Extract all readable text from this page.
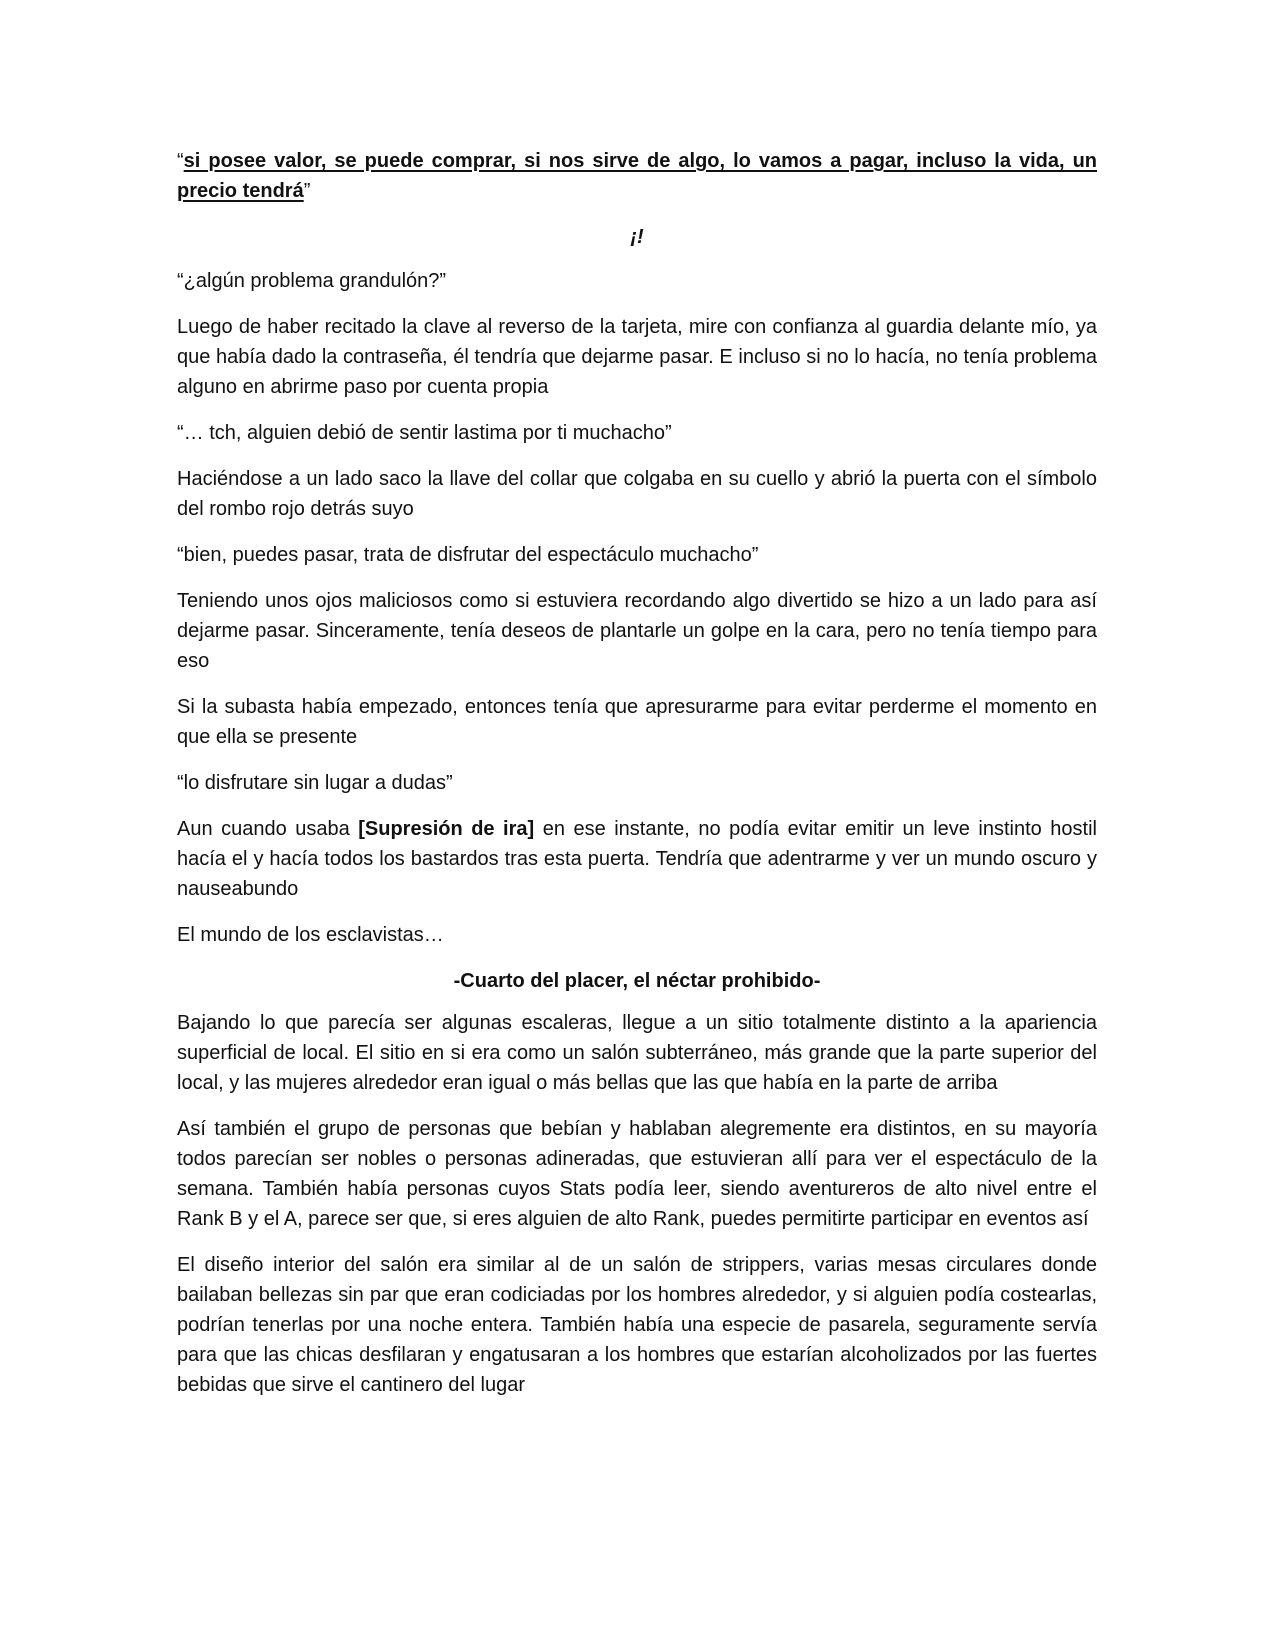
“si posee valor, se puede comprar, si nos sirve de algo, lo vamos a pagar, incluso la vida, un precio tendrá”

¡!

“¿algún problema grandulón?”

Luego de haber recitado la clave al reverso de la tarjeta, mire con confianza al guardia delante mío, ya que había dado la contraseña, él tendría que dejarme pasar. E incluso si no lo hacía, no tenía problema alguno en abrirme paso por cuenta propia

“… tch, alguien debió de sentir lastima por ti muchacho”

Haciéndose a un lado saco la llave del collar que colgaba en su cuello y abrió la puerta con el símbolo del rombo rojo detrás suyo

“bien, puedes pasar, trata de disfrutar del espectáculo muchacho”

Teniendo unos ojos maliciosos como si estuviera recordando algo divertido se hizo a un lado para así dejarme pasar. Sinceramente, tenía deseos de plantarle un golpe en la cara, pero no tenía tiempo para eso

Si la subasta había empezado, entonces tenía que apresurarme para evitar perderme el momento en que ella se presente

“lo disfrutare sin lugar a dudas”

Aun cuando usaba [Supresión de ira] en ese instante, no podía evitar emitir un leve instinto hostil hacía el y hacía todos los bastardos tras esta puerta. Tendría que adentrarme y ver un mundo oscuro y nauseabundo

El mundo de los esclavistas…

-Cuarto del placer, el néctar prohibido-

Bajando lo que parecía ser algunas escaleras, llegue a un sitio totalmente distinto a la apariencia superficial de local. El sitio en si era como un salón subterráneo, más grande que la parte superior del local, y las mujeres alrededor eran igual o más bellas que las que había en la parte de arriba

Así también el grupo de personas que bebían y hablaban alegremente era distintos, en su mayoría todos parecían ser nobles o personas adineradas, que estuvieran allí para ver el espectáculo de la semana. También había personas cuyos Stats podía leer, siendo aventureros de alto nivel entre el Rank B y el A, parece ser que, si eres alguien de alto Rank, puedes permitirte participar en eventos así

El diseño interior del salón era similar al de un salón de strippers, varias mesas circulares donde bailaban bellezas sin par que eran codiciadas por los hombres alrededor, y si alguien podía costearlas, podrían tenerlas por una noche entera. También había una especie de pasarela, seguramente servía para que las chicas desfilaran y engatusaran a los hombres que estarían alcoholizados por las fuertes bebidas que sirve el cantinero del lugar
